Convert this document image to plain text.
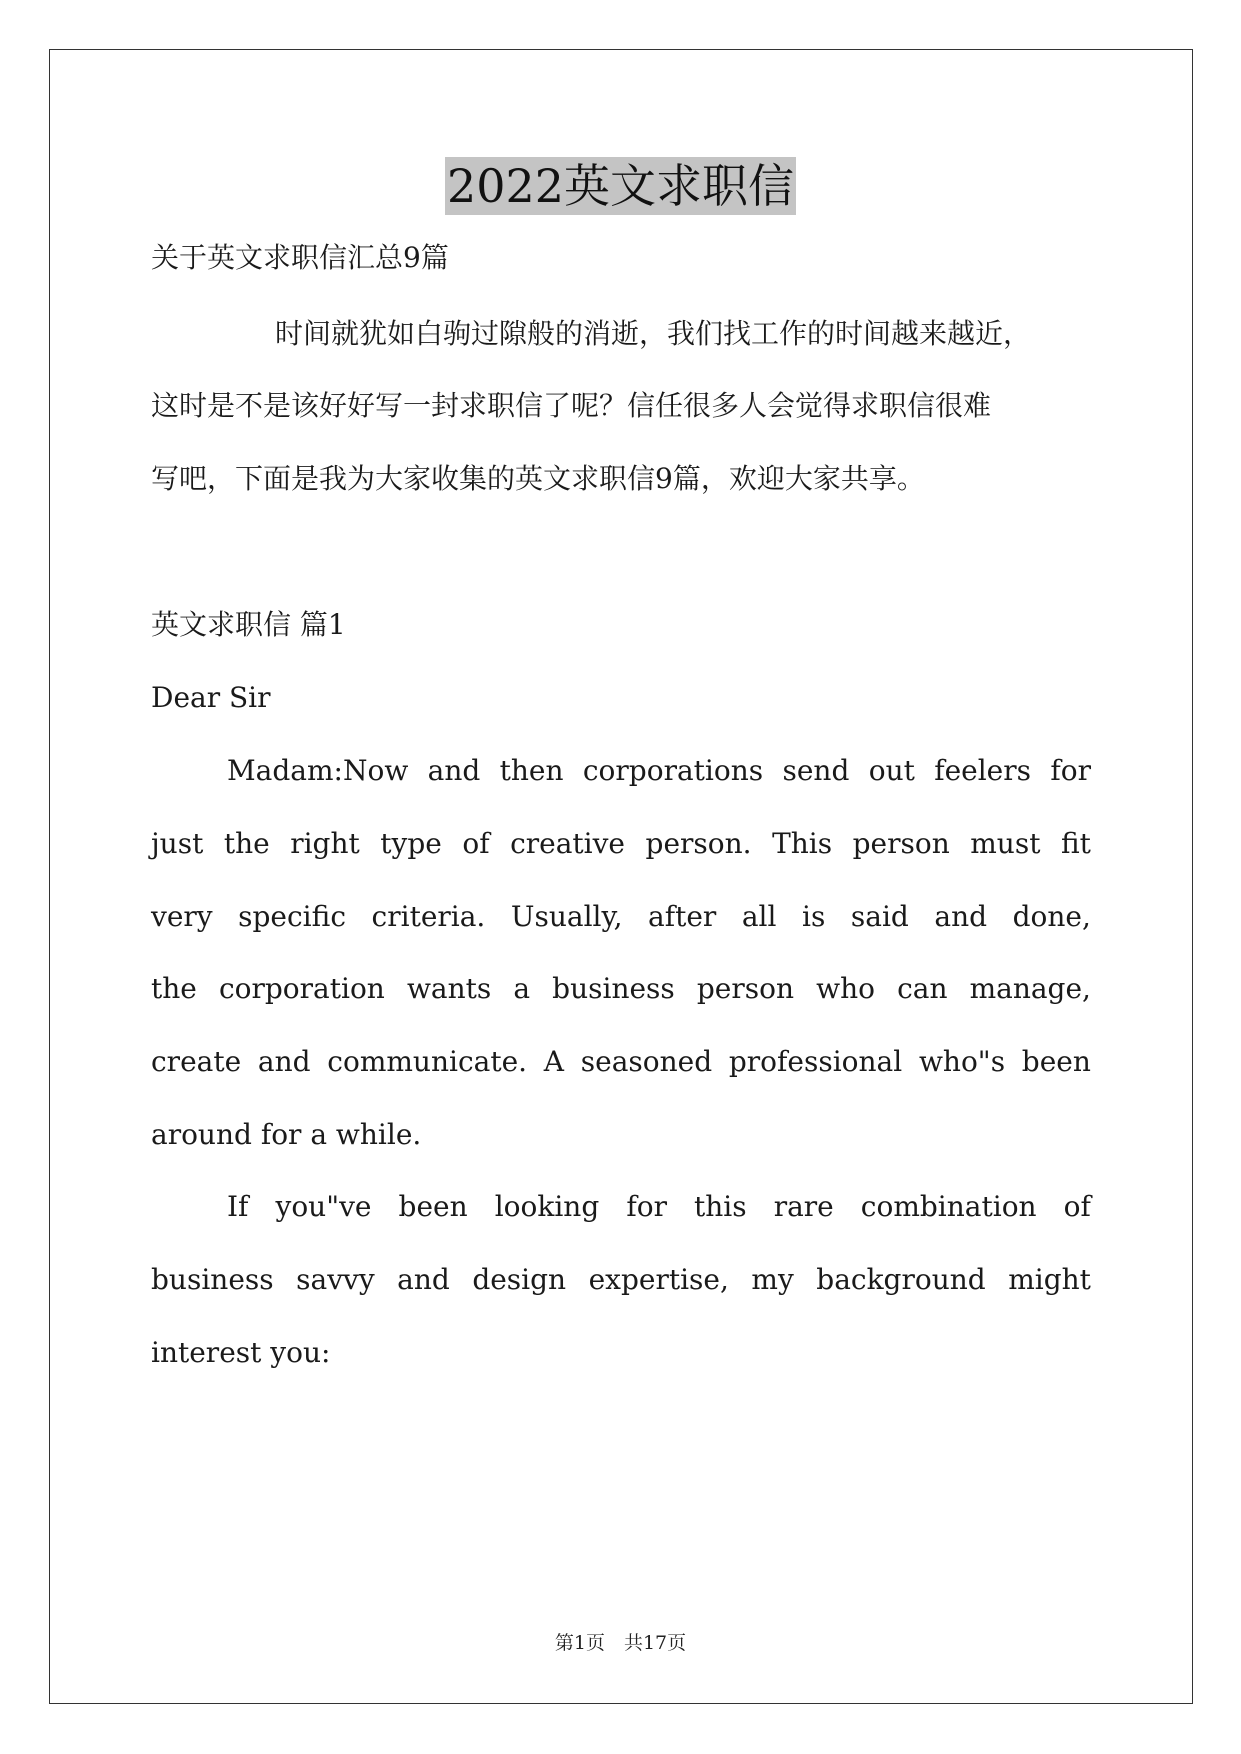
2022英文求职信
关于英文求职信汇总9篇
时间就犹如白驹过隙般的消逝，我们找工作的时间越来越近，
这时是不是该好好写一封求职信了呢？信任很多人会觉得求职信很难
写吧，下面是我为大家收集的英文求职信9篇，欢迎大家共享。
英文求职信 篇1
Dear Sir
Madam:Now and then corporations send out feelers for
just the right type of creative person. This person must fit
very specific criteria. Usually, after all is said and done,
the corporation wants a business person who can manage,
create and communicate. A seasoned professional who"s been
around for a while.
If you"ve been looking for this rare combination of
business savvy and design expertise, my background might
interest you:
第1页　共17页
